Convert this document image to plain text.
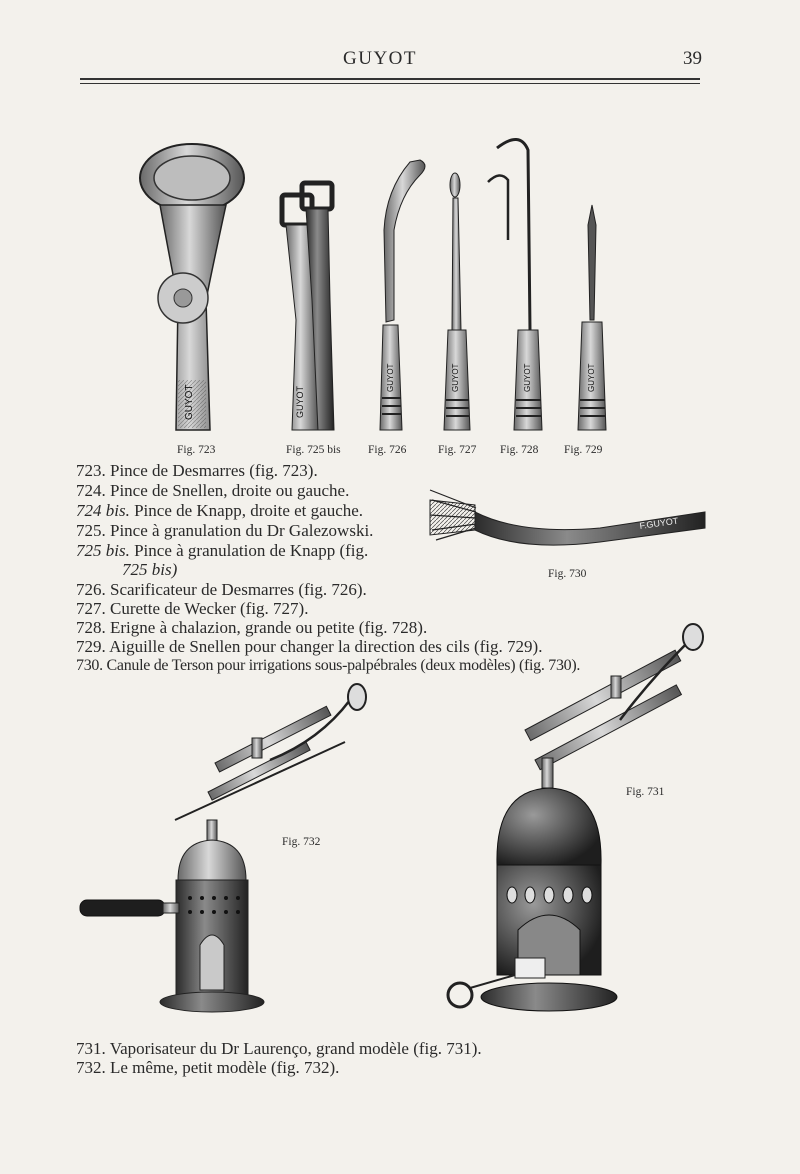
GUYOT	39
GUYOT	GUYOT
GUYOT	GUYOT	GUYOT	GUYOT
F.GUYOT
Fig. 723	Fig. 725 bis Fig. 726	Fig. 727 Fig. 728 Fig. 729
Fig. 730
Fig. 731
Fig. 732
723. Pince de Desmarres (fig. 723).
724. Pince de Snellen, droite ou gauche.
724 bis. Pince de Knapp, droite et gauche.
725. Pince à granulation du Dr Galezowski.
725 bis. Pince à granulation de Knapp (fig.
725 bis)
726. Scarificateur de Desmarres (fig. 726).
727. Curette de Wecker (fig. 727).
728. Erigne à chalazion, grande ou petite (fig. 728).
729. Aiguille de Snellen pour changer la direction des cils (fig. 729).
730. Canule de Terson pour irrigations sous-palpébrales (deux modèles) (fig. 730).
731. Vaporisateur du Dr Laurenço, grand modèle (fig. 731).
732. Le même, petit modèle (fig. 732).
